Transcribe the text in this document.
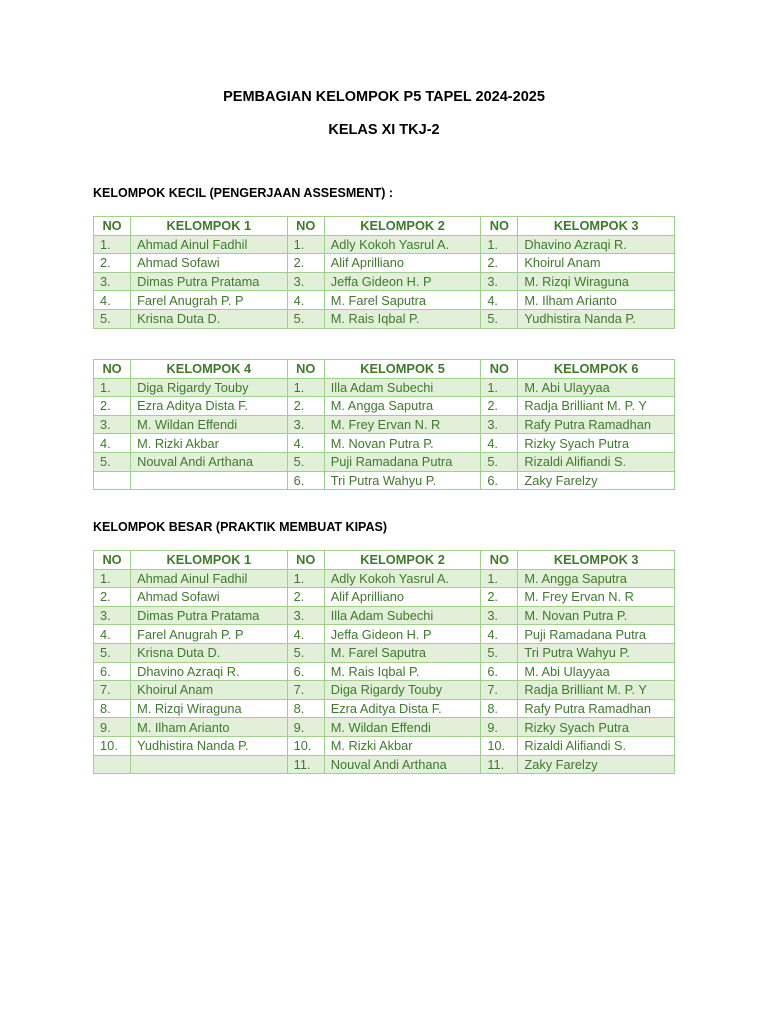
PEMBAGIAN KELOMPOK P5 TAPEL 2024-2025
KELAS XI TKJ-2
KELOMPOK KECIL (PENGERJAAN ASSESMENT) :
NO	KELOMPOK 1	NO	KELOMPOK 2	NO	KELOMPOK 3
1.	Ahmad Ainul Fadhil	1.	Adly Kokoh Yasrul A.	1.	Dhavino Azraqi R.
2.	Ahmad Sofawi	2.	Alif Aprilliano	2.	Khoirul Anam
3.	Dimas Putra Pratama	3.	Jeffa Gideon H. P	3.	M. Rizqi Wiraguna
4.	Farel Anugrah P. P	4.	M. Farel Saputra	4.	M. Ilham Arianto
5.	Krisna Duta D.	5.	M. Rais Iqbal P.	5.	Yudhistira Nanda P.
NO	KELOMPOK 4	NO	KELOMPOK 5	NO	KELOMPOK 6
1.	Diga Rigardy Touby	1.	Illa Adam Subechi	1.	M. Abi Ulayyaa
2.	Ezra Aditya Dista F.	2.	M. Angga Saputra	2.	Radja Brilliant M. P. Y
3.	M. Wildan Effendi	3.	M. Frey Ervan N. R	3.	Rafy Putra Ramadhan
4.	M. Rizki Akbar	4.	M. Novan Putra P.	4.	Rizky Syach Putra
5.	Nouval Andi Arthana	5.	Puji Ramadana Putra	5.	Rizaldi Alifiandi S.
		6.	Tri Putra Wahyu P.	6.	Zaky Farelzy
KELOMPOK BESAR (PRAKTIK MEMBUAT KIPAS)
NO	KELOMPOK 1	NO	KELOMPOK 2	NO	KELOMPOK 3
1.	Ahmad Ainul Fadhil	1.	Adly Kokoh Yasrul A.	1.	M. Angga Saputra
2.	Ahmad Sofawi	2.	Alif Aprilliano	2.	M. Frey Ervan N. R
3.	Dimas Putra Pratama	3.	Illa Adam Subechi	3.	M. Novan Putra P.
4.	Farel Anugrah P. P	4.	Jeffa Gideon H. P	4.	Puji Ramadana Putra
5.	Krisna Duta D.	5.	M. Farel Saputra	5.	Tri Putra Wahyu P.
6.	Dhavino Azraqi R.	6.	M. Rais Iqbal P.	6.	M. Abi Ulayyaa
7.	Khoirul Anam	7.	Diga Rigardy Touby	7.	Radja Brilliant M. P. Y
8.	M. Rizqi Wiraguna	8.	Ezra Aditya Dista F.	8.	Rafy Putra Ramadhan
9.	M. Ilham Arianto	9.	M. Wildan Effendi	9.	Rizky Syach Putra
10.	Yudhistira Nanda P.	10.	M. Rizki Akbar	10.	Rizaldi Alifiandi S.
		11.	Nouval Andi Arthana	11.	Zaky Farelzy
